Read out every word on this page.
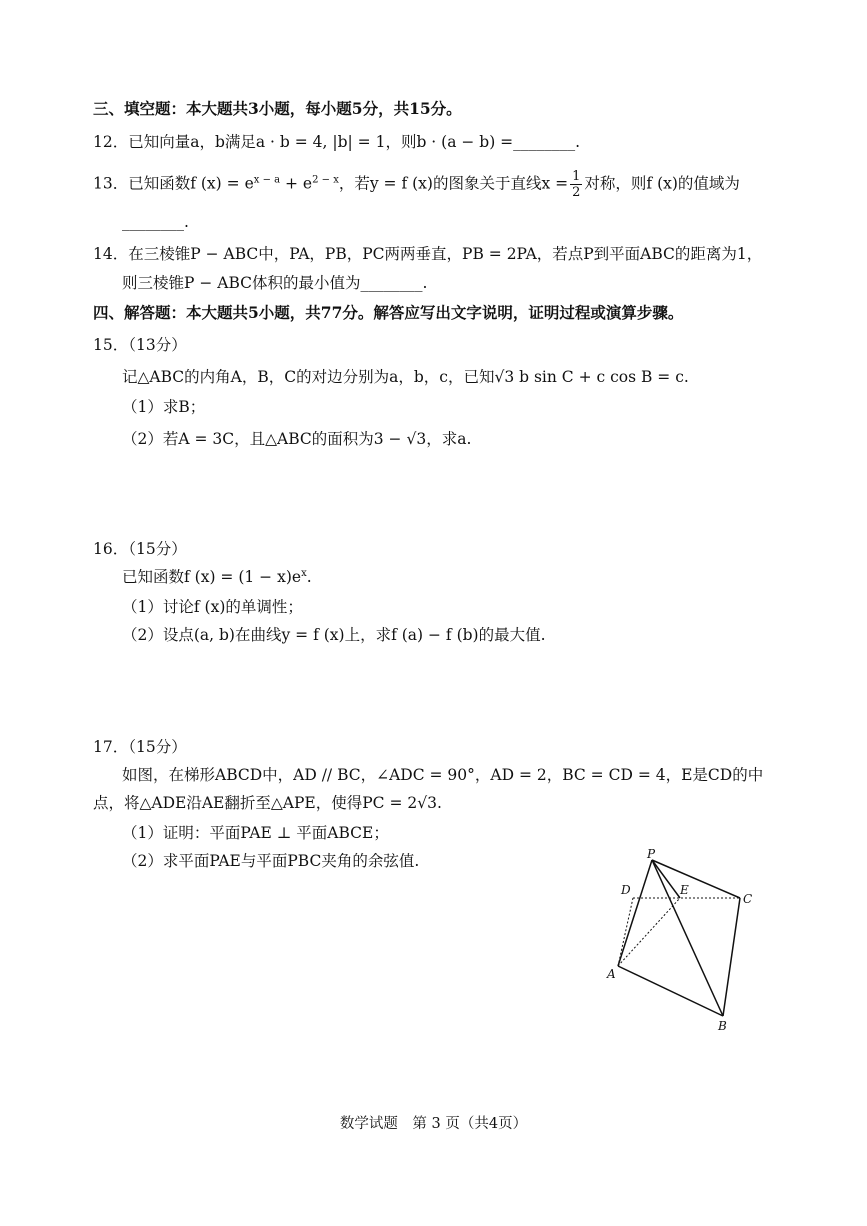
三、填空题：本大题共3小题，每小题5分，共15分。
12．已知向量a，b满足a · b = 4, |b| = 1，则b · (a − b) =________.
13．已知函数f $(x) = e^{x - a} + e^{2 - x}$，若y = f (x)的图象关于直线$x = \frac{1}{2}$ 对称，则f (x)的值域为
________.
14．在三棱锥P − ABC中，PA，PB，PC两两垂直，PB = 2PA，若点P到平面ABC的距离为1，
则三棱锥P − ABC体积的最小值为________.
四、解答题：本大题共5小题，共77分。解答应写出文字说明，证明过程或演算步骤。
15．（13分）
记△ABC的内角A，B，C的对边分别为a，b，c，已知√3 b sin C + c cos B = c.
（1）求B；
（2）若A = 3C，且△ABC的面积为3 − √3，求a.
16．（15分）
已知函数f $(x) = (1 - x)e^x$.
（1）讨论f (x)的单调性；
（2）设点(a, b)在曲线y = f (x)上，求f (a) − f (b)的最大值.
17．（15分）
如图，在梯形ABCD中，AD // BC，∠ADC = 90°，AD = 2，BC = CD = 4，E是CD的中
点，将△ADE沿AE翻折至△APE，使得PC = 2√3.
（1）证明：平面PAE ⊥ 平面ABCE；
（2）求平面PAE与平面PBC夹角的余弦值.	P
D	E
C
A
B
数学试题　第 3 页（共4页）
